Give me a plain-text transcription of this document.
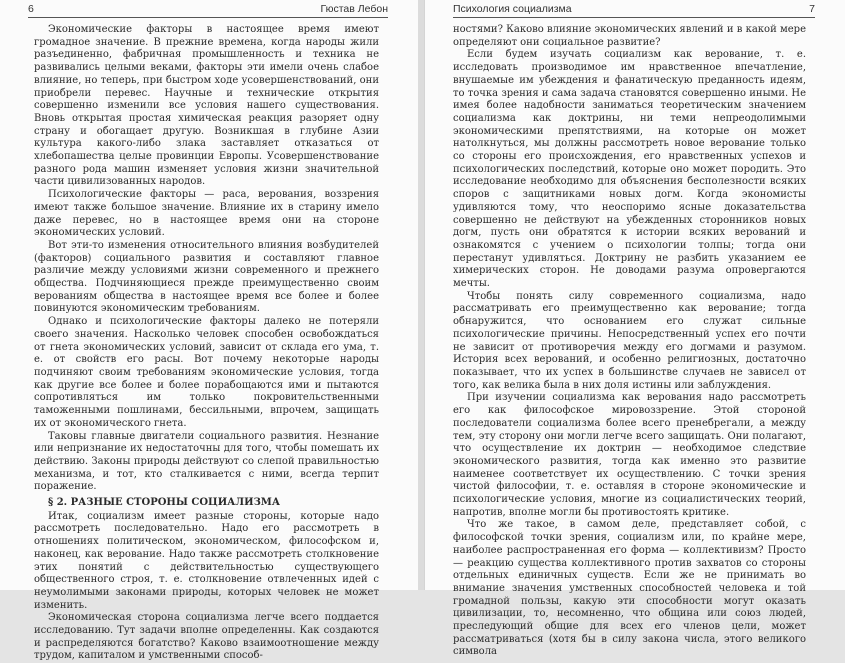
6	Гюстав Лебон

Экономические факторы в настоящее время имеют громадное значение. В прежние времена, когда народы жили разъединенно, фабричная промышленность и техника не развивались целыми веками, факторы эти имели очень слабое влияние, но теперь, при быстром ходе усовершенствований, они приобрели перевес. Научные и технические открытия совершенно изменили все условия нашего существования. Вновь открытая простая химическая реакция разоряет одну страну и обогащает другую. Возникшая в глубине Азии культура какого-либо злака заставляет отказаться от хлебопашества целые провинции Европы. Усовершенствование разного рода машин изменяет условия жизни значительной части цивилизованных народов.

Психологические факторы — раса, верования, воззрения имеют также большое значение. Влияние их в старину имело даже перевес, но в настоящее время они на стороне экономических условий.

Вот эти-то изменения относительного влияния возбудителей (факторов) социального развития и составляют главное различие между условиями жизни современного и прежнего общества. Подчиняющиеся прежде преимущественно своим верованиям общества в настоящее время все более и более повинуются экономическим требованиям.

Однако и психологические факторы далеко не потеряли своего значения. Насколько человек способен освобождаться от гнета экономических условий, зависит от склада его ума, т. е. от свойств его расы. Вот почему некоторые народы подчиняют своим требованиям экономические условия, тогда как другие все более и более порабощаются ими и пытаются сопротивляться им только покровительственными таможенными пошлинами, бессильными, впрочем, защищать их от экономического гнета.

Таковы главные двигатели социального развития. Незнание или непризнание их недостаточны для того, чтобы помешать их действию. Законы природы действуют со слепой правильностью механизма, и тот, кто сталкивается с ними, всегда терпит поражение.

§ 2. РАЗНЫЕ СТОРОНЫ СОЦИАЛИЗМА

Итак, социализм имеет разные стороны, которые надо рассмотреть последовательно. Надо его рассмотреть в отношениях политическом, экономическом, философском и, наконец, как верование. Надо также рассмотреть столкновение этих понятий с действительностью существующего общественного строя, т. е. столкновение отвлеченных идей с неумолимыми законами природы, которых человек не может изменить.

Экономическая сторона социализма легче всего поддается исследованию. Тут задачи вполне определенны. Как создаются и распределяются богатство? Каково взаимоотношение между трудом, капиталом и умственными способ-

Психология социализма	7

ностями? Каково влияние экономических явлений и в какой мере определяют они социальное развитие?

Если будем изучать социализм как верование, т. е. исследовать производимое им нравственное впечатление, внушаемые им убеждения и фанатическую преданность идеям, то точка зрения и сама задача становятся совершенно иными. Не имея более надобности заниматься теоретическим значением социализма как доктрины, ни теми непреодолимыми экономическими препятствиями, на которые он может натолкнуться, мы должны рассмотреть новое верование только со стороны его происхождения, его нравственных успехов и психологических последствий, которые оно может породить. Это исследование необходимо для объяснения бесполезности всяких споров с защитниками новых догм. Когда экономисты удивляются тому, что неоспоримо ясные доказательства совершенно не действуют на убежденных сторонников новых догм, пусть они обратятся к истории всяких верований и ознакомятся с учением о психологии толпы; тогда они перестанут удивляться. Доктрину не разбить указанием ее химерических сторон. Не доводами разума опровергаются мечты.

Чтобы понять силу современного социализма, надо рассматривать его преимущественно как верование; тогда обнаружится, что основанием его служат сильные психологические причины. Непосредственный успех его почти не зависит от противоречия между его догмами и разумом. История всех верований, и особенно религиозных, достаточно показывает, что их успех в большинстве случаев не зависел от того, как велика была в них доля истины или заблуждения.

При изучении социализма как верования надо рассмотреть его как философское мировоззрение. Этой стороной последователи социализма более всего пренебрегали, а между тем, эту сторону они могли легче всего защищать. Они полагают, что осуществление их доктрин — необходимое следствие экономического развития, тогда как именно это развитие наименее соответствует их осуществлению. С точки зрения чистой философии, т. е. оставляя в стороне экономические и психологические условия, многие из социалистических теорий, напротив, вполне могли бы противостоять критике.

Что же такое, в самом деле, представляет собой, с философской точки зрения, социализм или, по крайне мере, наиболее распространенная его форма — коллективизм? Просто — реакцию существа коллективного против захватов со стороны отдельных единичных существ. Если же не принимать во внимание значения умственных способностей человека и той громадной пользы, какую эти способности могут оказать цивилизации, то, несомненно, что община или союз людей, преследующий общие для всех его членов цели, может рассматриваться (хотя бы в силу закона числа, этого великого символа
